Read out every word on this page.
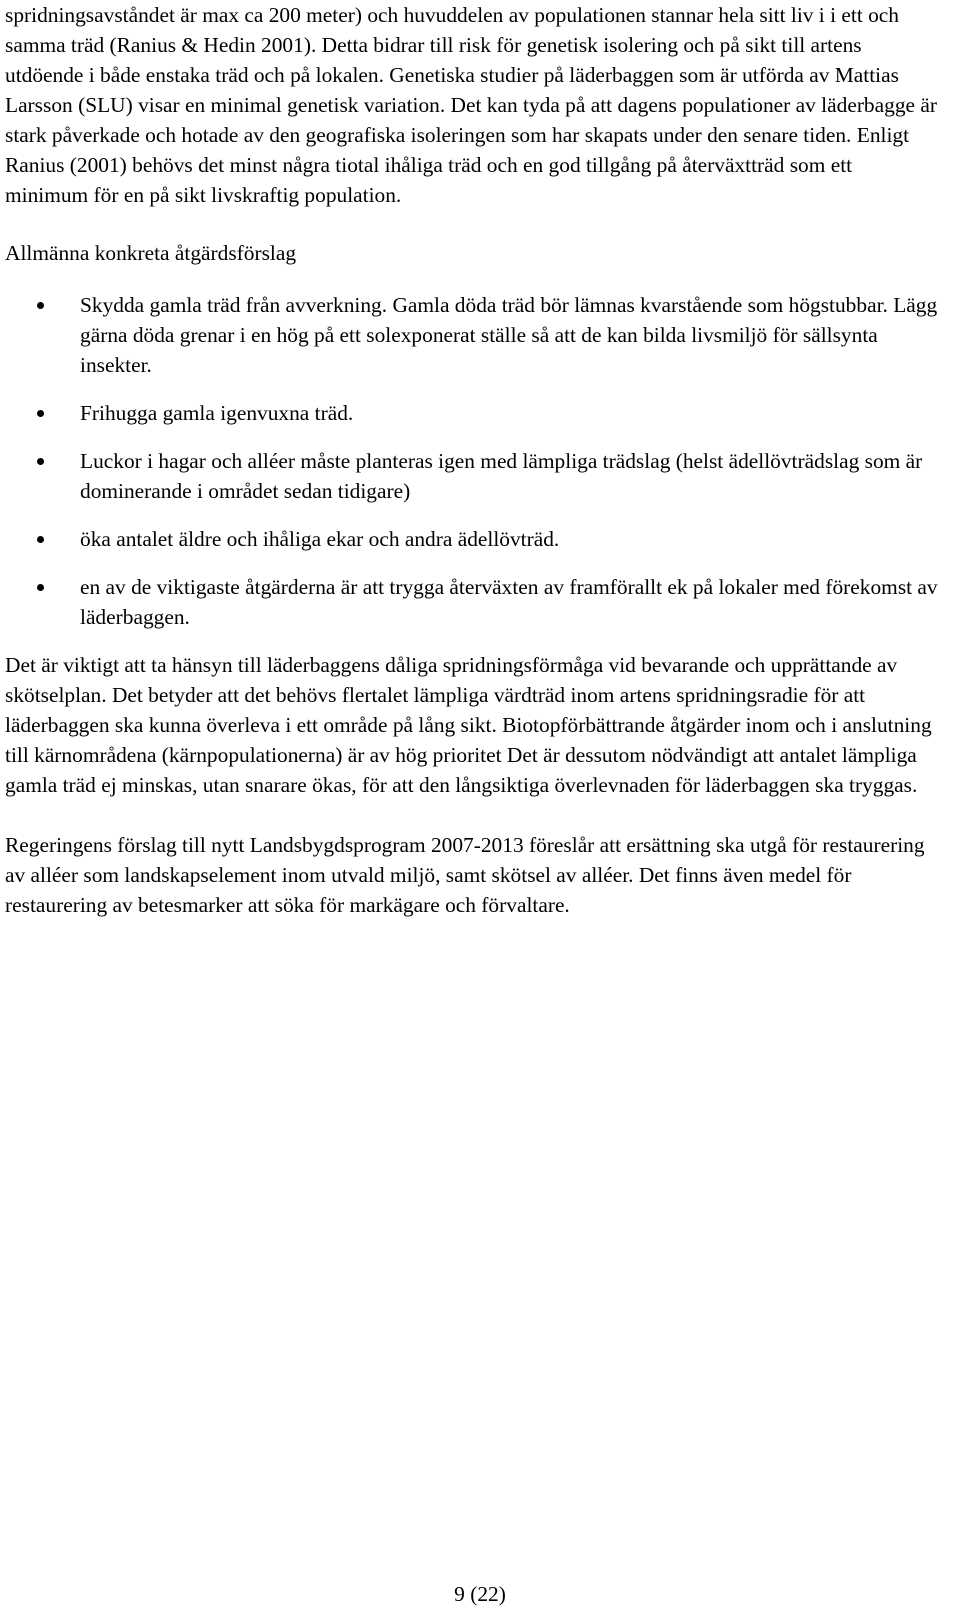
spridningsavståndet är max ca 200 meter) och huvuddelen av populationen stannar hela sitt liv i i ett och samma träd (Ranius & Hedin 2001). Detta bidrar till risk för genetisk isolering och på sikt till artens utdöende i både enstaka träd och på lokalen. Genetiska studier på läderbaggen som är utförda av Mattias Larsson (SLU) visar en minimal genetisk variation. Det kan tyda på att dagens populationer av läderbagge är stark påverkade och hotade av den geografiska isoleringen som har skapats under den senare tiden. Enligt Ranius (2001) behövs det minst några tiotal ihåliga träd och en god tillgång på återväxtträd som ett minimum för en på sikt livskraftig population.

Allmänna konkreta åtgärdsförslag

Skydda gamla träd från avverkning. Gamla döda träd bör lämnas kvarstående som högstubbar. Lägg gärna döda grenar i en hög på ett solexponerat ställe så att de kan bilda livsmiljö för sällsynta insekter.
Frihugga gamla igenvuxna träd.
Luckor i hagar och alléer måste planteras igen med lämpliga trädslag (helst ädellövträdslag som är dominerande i området sedan tidigare)
öka antalet äldre och ihåliga ekar och andra ädellövträd.
en av de viktigaste åtgärderna är att trygga återväxten av framförallt ek på lokaler med förekomst av läderbaggen.

Det är viktigt att ta hänsyn till läderbaggens dåliga spridningsförmåga vid bevarande och upprättande av skötselplan. Det betyder att det behövs flertalet lämpliga värdträd inom artens spridningsradie för att läderbaggen ska kunna överleva i ett område på lång sikt. Biotopförbättrande åtgärder inom och i anslutning till kärnområdena (kärnpopulationerna) är av hög prioritet Det är dessutom nödvändigt att antalet lämpliga gamla träd ej minskas, utan snarare ökas, för att den långsiktiga överlevnaden för läderbaggen ska tryggas.

Regeringens förslag till nytt Landsbygdsprogram 2007-2013 föreslår att ersättning ska utgå för restaurering av alléer som landskapselement inom utvald miljö, samt skötsel av alléer. Det finns även medel för restaurering av betesmarker att söka för markägare och förvaltare.

9 (22)
